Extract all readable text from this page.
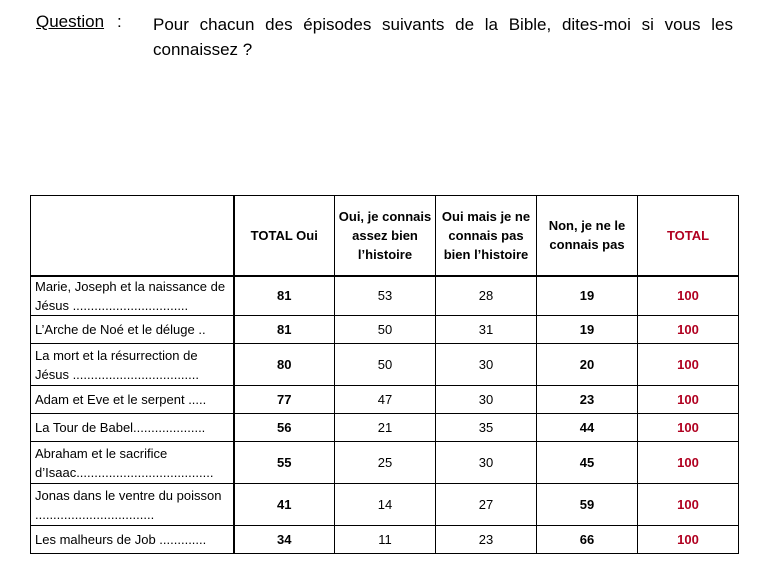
Question : Pour chacun des épisodes suivants de la Bible, dites-moi si vous les connaissez ?
	TOTAL Oui	Oui, je connais assez bien l’histoire	Oui mais je ne connais pas bien l’histoire	Non, je ne le connais pas	TOTAL
Marie, Joseph et la naissance de Jésus ................................	81	53	28	19	100
L’Arche de Noé et le déluge ..	81	50	31	19	100
La mort et la résurrection de Jésus ...................................	80	50	30	20	100
Adam et Eve et le serpent .....	77	47	30	23	100
La Tour de Babel....................	56	21	35	44	100
Abraham et le sacrifice d’Isaac......................................	55	25	30	45	100
Jonas dans le ventre du poisson .................................	41	14	27	59	100
Les malheurs de Job .............	34	11	23	66	100
